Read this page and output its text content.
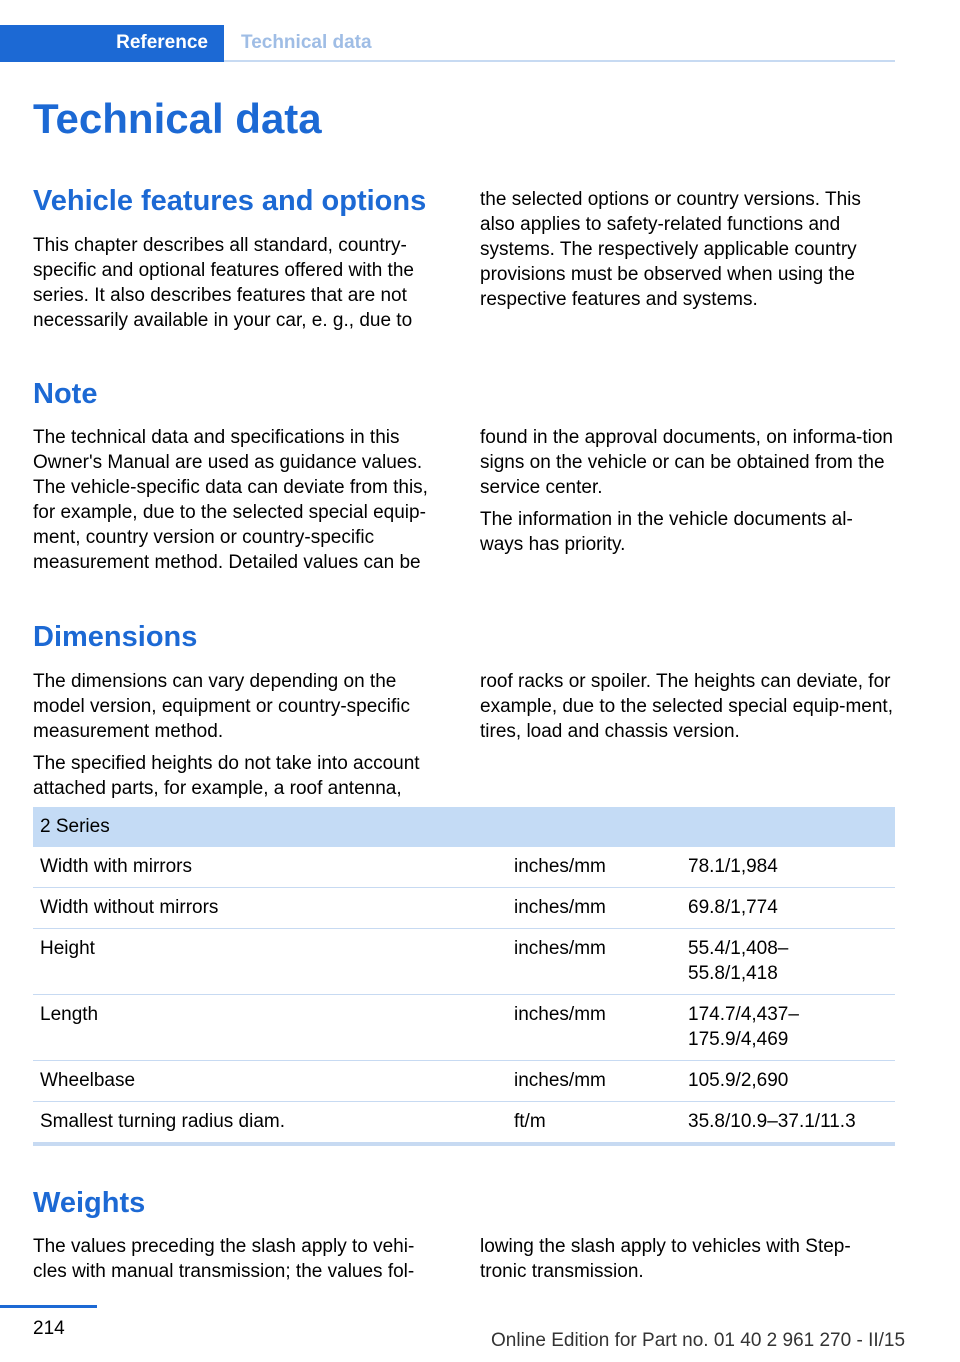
Reference	Technical data
Technical data
Vehicle features and options

This chapter describes all standard, country-specific and optional features offered with the series. It also describes features that are not necessarily available in your car, e. g., due to

the selected options or country versions. This also applies to safety-related functions and systems. The respectively applicable country provisions must be observed when using the respective features and systems.

Note

The technical data and specifications in this Owner's Manual are used as guidance values. The vehicle-specific data can deviate from this, for example, due to the selected special equip-ment, country version or country-specific measurement method. Detailed values can be

found in the approval documents, on informa-tion signs on the vehicle or can be obtained from the service center.

The information in the vehicle documents al-ways has priority.

Dimensions

The dimensions can vary depending on the model version, equipment or country-specific measurement method.

The specified heights do not take into account attached parts, for example, a roof antenna,

roof racks or spoiler. The heights can deviate, for example, due to the selected special equip-ment, tires, load and chassis version.

2 Series
Width with mirrors	inches/mm	78.1/1,984
Width without mirrors	inches/mm	69.8/1,774
Height	inches/mm	55.4/1,408–
55.8/1,418
Length	inches/mm	174.7/4,437–
175.9/4,469
Wheelbase	inches/mm	105.9/2,690
Smallest turning radius diam.	ft/m	35.8/10.9–37.1/11.3
Weights

The values preceding the slash apply to vehi-cles with manual transmission; the values fol-

lowing the slash apply to vehicles with Step-tronic transmission.

214
Online Edition for Part no. 01 40 2 961 270 - II/15
